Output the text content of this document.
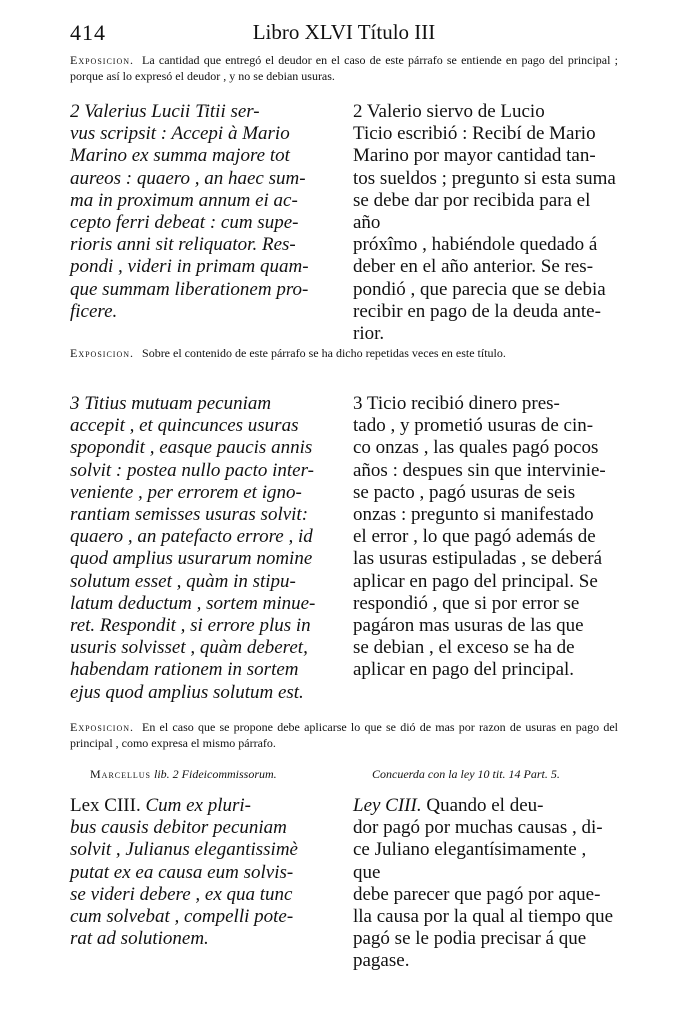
414	Libro XLVI Título III
Exposicion. La cantidad que entregó el deudor en el caso de este párrafo se entiende en pago del principal ; porque así lo expresó el deudor , y no se debian usuras.

2 Valerius Lucii Titii ser-
vus scripsit : Accepi à Mario
Marino ex summa majore tot
aureos : quaero , an haec sum-
ma in proximum annum ei ac-
cepto ferri debeat : cum supe-
rioris anni sit reliquator. Res-
pondi , videri in primam quam-
que summam liberationem pro-
ficere.

2 Valerio siervo de Lucio
Ticio escribió : Recibí de Mario
Marino por mayor cantidad tan-
tos sueldos ; pregunto si esta suma
se debe dar por recibida para el año
próxîmo , habiéndole quedado á
deber en el año anterior. Se res-
pondió , que parecia que se debia
recibir en pago de la deuda ante-
rior.

Exposicion. Sobre el contenido de este párrafo se ha dicho repetidas veces en este título.

3 Titius mutuam pecuniam
accepit , et quincunces usuras
spopondit , easque paucis annis
solvit : postea nullo pacto inter-
veniente , per errorem et igno-
rantiam semisses usuras solvit:
quaero , an patefacto errore , id
quod amplius usurarum nomine
solutum esset , quàm in stipu-
latum deductum , sortem minue-
ret. Respondit , si errore plus in
usuris solvisset , quàm deberet,
habendam rationem in sortem
ejus quod amplius solutum est.

3 Ticio recibió dinero pres-
tado , y prometió usuras de cin-
co onzas , las quales pagó pocos
años : despues sin que intervinie-
se pacto , pagó usuras de seis
onzas : pregunto si manifestado
el error , lo que pagó además de
las usuras estipuladas , se deberá
aplicar en pago del principal. Se
respondió , que si por error se
pagáron mas usuras de las que
se debian , el exceso se ha de
aplicar en pago del principal.

Exposicion. En el caso que se propone debe aplicarse lo que se dió de mas por razon de usuras en pago del principal , como expresa el mismo párrafo.
Marcellus lib. 2 Fideicommissorum.	Concuerda con la ley 10 tit. 14 Part. 5.

Lex CIII. Cum ex pluri-
bus causis debitor pecuniam
solvit , Julianus elegantissimè
putat ex ea causa eum solvis-
se videri debere , ex qua tunc
cum solvebat , compelli pote-
rat ad solutionem.

Ley CIII. Quando el deu-
dor pagó por muchas causas , di-
ce Juliano elegantísimamente , que
debe parecer que pagó por aque-
lla causa por la qual al tiempo que
pagó se le podia precisar á que
pagase.
